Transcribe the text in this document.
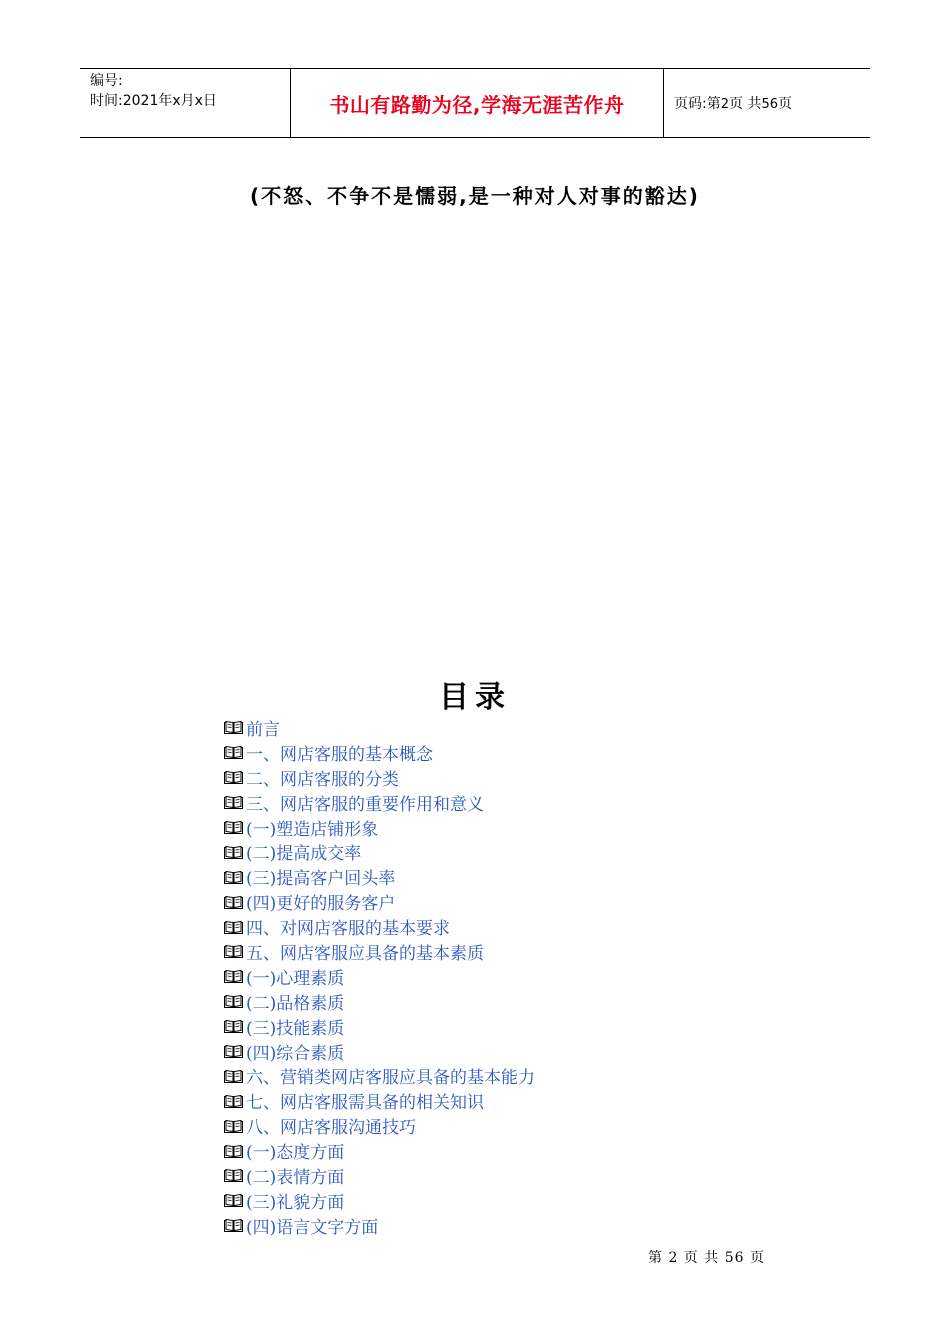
编号:
时间:2021年x月x日	书山有路勤为径,学海无涯苦作舟	页码:第2页 共56页
(不怒、不争不是懦弱,是一种对人对事的豁达)
目录
前言
一、网店客服的基本概念
二、网店客服的分类
三、网店客服的重要作用和意义
(一)塑造店铺形象
(二)提高成交率
(三)提高客户回头率
(四)更好的服务客户
四、对网店客服的基本要求
五、网店客服应具备的基本素质
(一)心理素质
(二)品格素质
(三)技能素质
(四)综合素质
六、营销类网店客服应具备的基本能力
七、网店客服需具备的相关知识
八、网店客服沟通技巧
(一)态度方面
(二)表情方面
(三)礼貌方面
(四)语言文字方面
第 2 页 共 56 页
